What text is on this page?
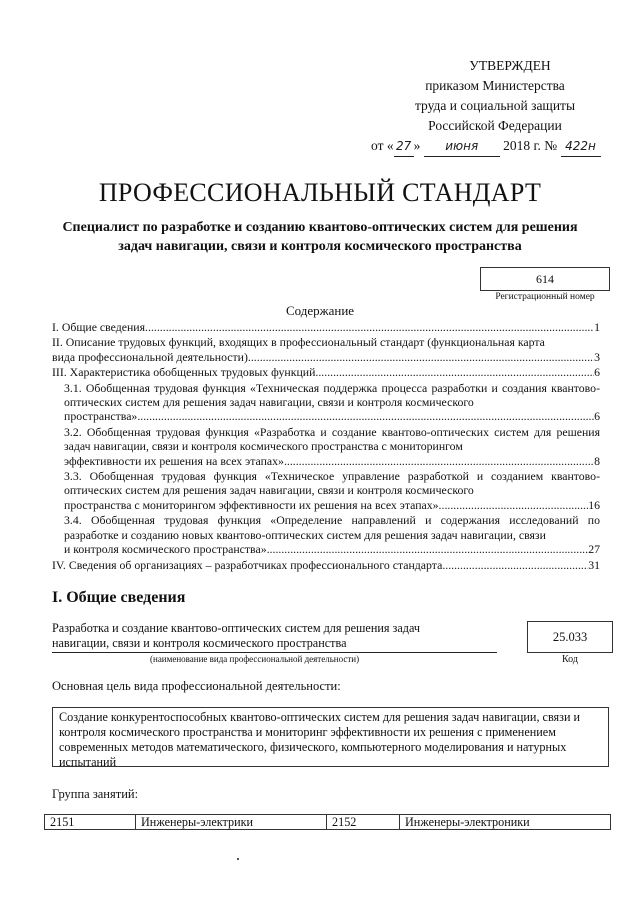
УТВЕРЖДЕН
приказом Министерства
труда и социальной защиты
Российской Федерации
от « 27 » июня 2018 г. № 422н
ПРОФЕССИОНАЛЬНЫЙ СТАНДАРТ
Специалист по разработке и созданию квантово-оптических систем для решения задач навигации, связи и контроля космического пространства
614
Регистрационный номер
Содержание
I. Общие сведения .....	1
II. Описание трудовых функций, входящих в профессиональный стандарт (функциональная карта
вида профессиональной деятельности) .....	3
III. Характеристика обобщенных трудовых функций .....	6
3.1. Обобщенная трудовая функция «Техническая поддержка процесса разработки и создания квантово-оптических систем для решения задач навигации, связи и контроля космического
пространства» .....	6
3.2. Обобщенная трудовая функция «Разработка и создание квантово-оптических систем для решения задач навигации, связи и контроля космического пространства с мониторингом
эффективности их решения на всех этапах» .....	8
3.3. Обобщенная трудовая функция «Техническое управление разработкой и созданием квантово-оптических систем для решения задач навигации, связи и контроля космического
пространства с мониторингом эффективности их решения на всех этапах» .....	16
3.4. Обобщенная трудовая функция «Определение направлений и содержания исследований по разработке и созданию новых квантово-оптических систем для решения задач навигации, связи
и контроля космического пространства» .....	27
IV. Сведения об организациях – разработчиках профессионального стандарта .....	31
I. Общие сведения
Разработка и создание квантово-оптических систем для решения задач навигации, связи и контроля космического пространства
(наименование вида профессиональной деятельности)
25.033
Код
Основная цель вида профессиональной деятельности:
Создание конкурентоспособных квантово-оптических систем для решения задач навигации, связи и контроля космического пространства и мониторинг эффективности их решения с применением современных методов математического, физического, компьютерного моделирования и натурных испытаний
Группа занятий:
2151	Инженеры-электрики	2152	Инженеры-электроники
